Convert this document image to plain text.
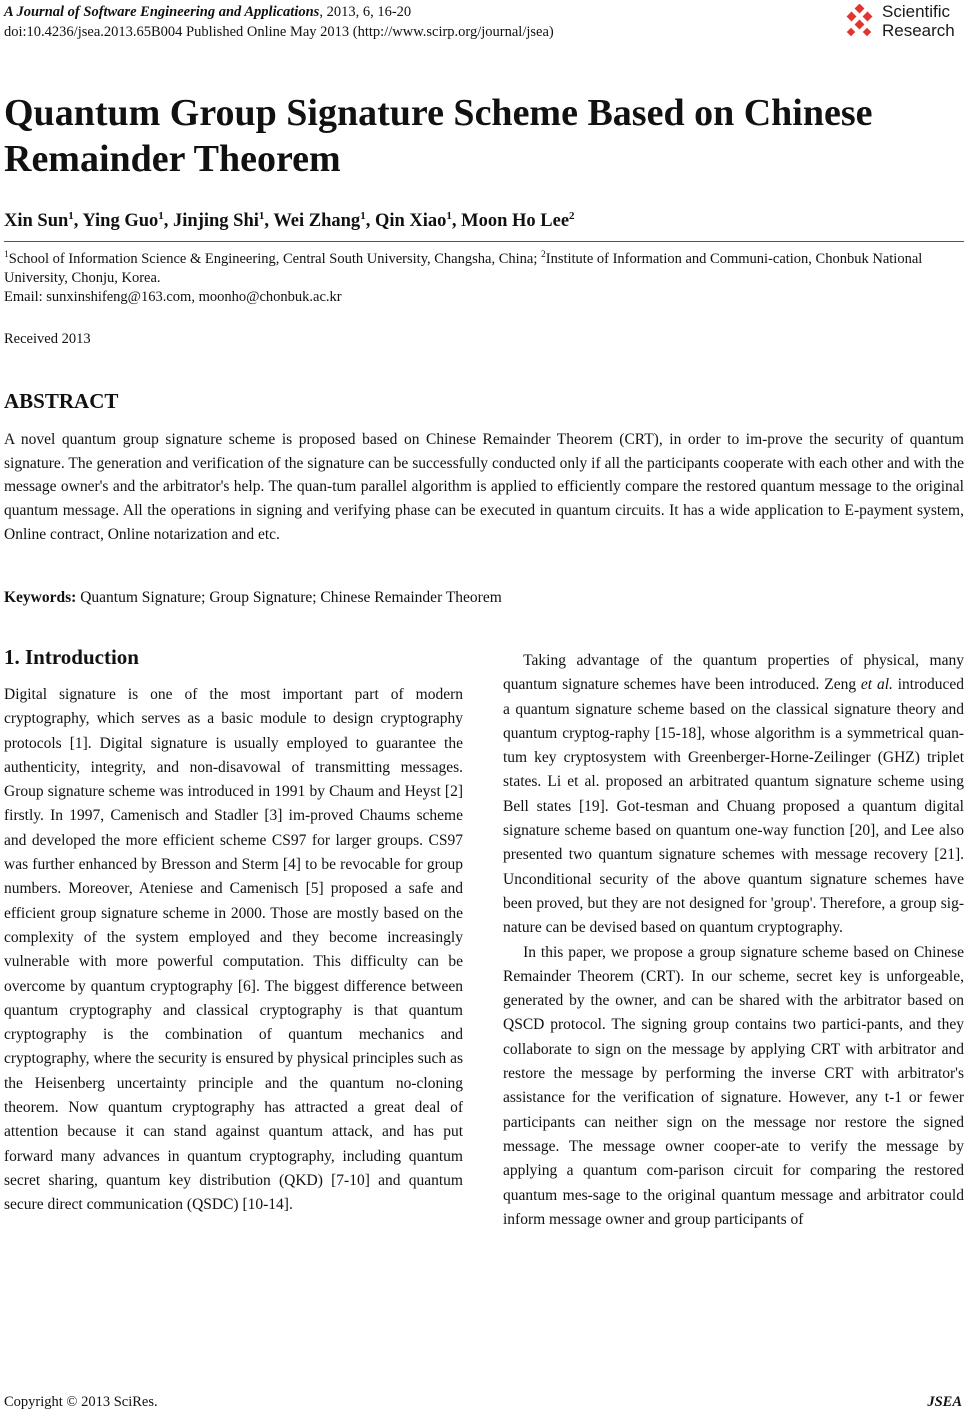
A Journal of Software Engineering and Applications, 2013, 6, 16-20
doi:10.4236/jsea.2013.65B004 Published Online May 2013 (http://www.scirp.org/journal/jsea)
Scientific
Research
Quantum Group Signature Scheme Based on Chinese Remainder Theorem
Xin Sun$^1$, Ying Guo$^1$, Jinjing Shi$^1$, Wei Zhang$^1$, Qin Xiao$^1$, Moon Ho Lee$^2$
$^1$School of Information Science & Engineering, Central South University, Changsha, China; $^2$Institute of Information and Communi-cation, Chonbuk National University, Chonju, Korea.
Email: sunxinshifeng@163.com, moonho@chonbuk.ac.kr
Received 2013
ABSTRACT
A novel quantum group signature scheme is proposed based on Chinese Remainder Theorem (CRT), in order to im-prove the security of quantum signature. The generation and verification of the signature can be successfully conducted only if all the participants cooperate with each other and with the message owner's and the arbitrator's help. The quan-tum parallel algorithm is applied to efficiently compare the restored quantum message to the original quantum message. All the operations in signing and verifying phase can be executed in quantum circuits. It has a wide application to E-payment system, Online contract, Online notarization and etc.
Keywords: Quantum Signature; Group Signature; Chinese Remainder Theorem
1. Introduction

Digital signature is one of the most important part of modern cryptography, which serves as a basic module to design cryptography protocols [1]. Digital signature is usually employed to guarantee the authenticity, integrity, and non-disavowal of transmitting messages. Group signature scheme was introduced in 1991 by Chaum and Heyst [2] firstly. In 1997, Camenisch and Stadler [3] im-proved Chaums scheme and developed the more efficient scheme CS97 for larger groups. CS97 was further enhanced by Bresson and Sterm [4] to be revocable for group numbers. Moreover, Ateniese and Camenisch [5] proposed a safe and efficient group signature scheme in 2000. Those are mostly based on the complexity of the system employed and they become increasingly vulnerable with more powerful computation. This difficulty can be overcome by quantum cryptography [6]. The biggest difference between quantum cryptography and classical cryptography is that quantum cryptography is the combination of quantum mechanics and cryptography, where the security is ensured by physical principles such as the Heisenberg uncertainty principle and the quantum no-cloning theorem. Now quantum cryptography has attracted a great deal of attention because it can stand against quantum attack, and has put forward many advances in quantum cryptography, including quantum secret sharing, quantum key distribution (QKD) [7-10] and quantum secure direct communication (QSDC) [10-14].

Taking advantage of the quantum properties of physical, many quantum signature schemes have been introduced. Zeng et al. introduced a quantum signature scheme based on the classical signature theory and quantum cryptog-raphy [15-18], whose algorithm is a symmetrical quan-tum key cryptosystem with Greenberger-Horne-Zeilinger (GHZ) triplet states. Li et al. proposed an arbitrated quantum signature scheme using Bell states [19]. Got-tesman and Chuang proposed a quantum digital signature scheme based on quantum one-way function [20], and Lee also presented two quantum signature schemes with message recovery [21]. Unconditional security of the above quantum signature schemes have been proved, but they are not designed for 'group'. Therefore, a group sig-nature can be devised based on quantum cryptography.

In this paper, we propose a group signature scheme based on Chinese Remainder Theorem (CRT). In our scheme, secret key is unforgeable, generated by the owner, and can be shared with the arbitrator based on QSCD protocol. The signing group contains two partici-pants, and they collaborate to sign on the message by applying CRT with arbitrator and restore the message by performing the inverse CRT with arbitrator's assistance for the verification of signature. However, any t-1 or fewer participants can neither sign on the message nor restore the signed message. The message owner cooper-ate to verify the message by applying a quantum com-parison circuit for comparing the restored quantum mes-sage to the original quantum message and arbitrator could inform message owner and group participants of

Copyright © 2013 SciRes.	JSEA
